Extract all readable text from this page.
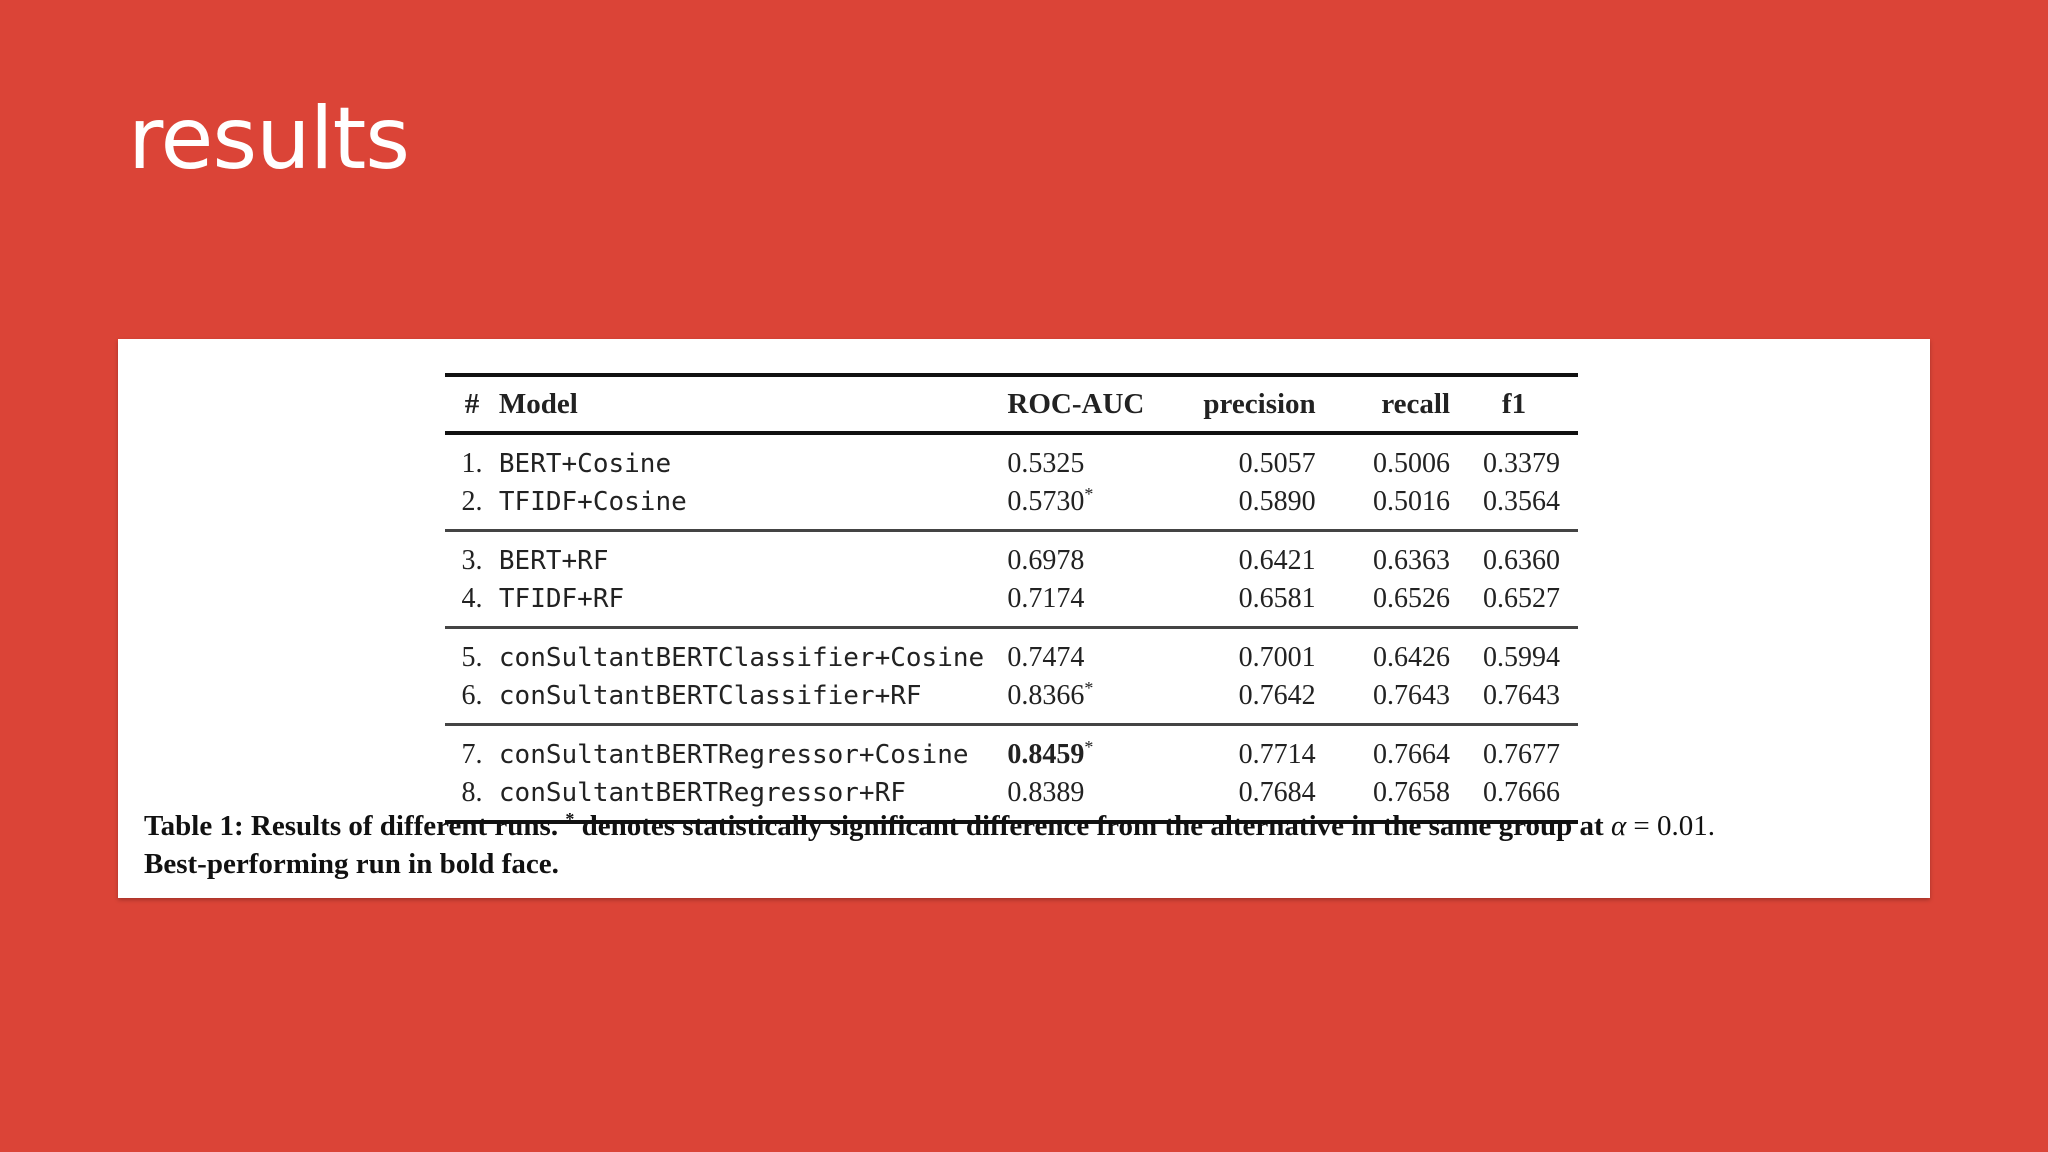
results
#	Model	ROC-AUC	precision	recall	f1
1.	BERT+Cosine	0.5325	0.5057	0.5006	0.3379
2.	TFIDF+Cosine	0.5730*	0.5890	0.5016	0.3564
3.	BERT+RF	0.6978	0.6421	0.6363	0.6360
4.	TFIDF+RF	0.7174	0.6581	0.6526	0.6527
5.	conSultantBERTClassifier+Cosine	0.7474	0.7001	0.6426	0.5994
6.	conSultantBERTClassifier+RF	0.8366*	0.7642	0.7643	0.7643
7.	conSultantBERTRegressor+Cosine	0.8459*	0.7714	0.7664	0.7677
8.	conSultantBERTRegressor+RF	0.8389	0.7684	0.7658	0.7666

Table 1: Results of different runs. * denotes statistically significant difference from the alternative in the same group at α = 0.01.
Best-performing run in bold face.
